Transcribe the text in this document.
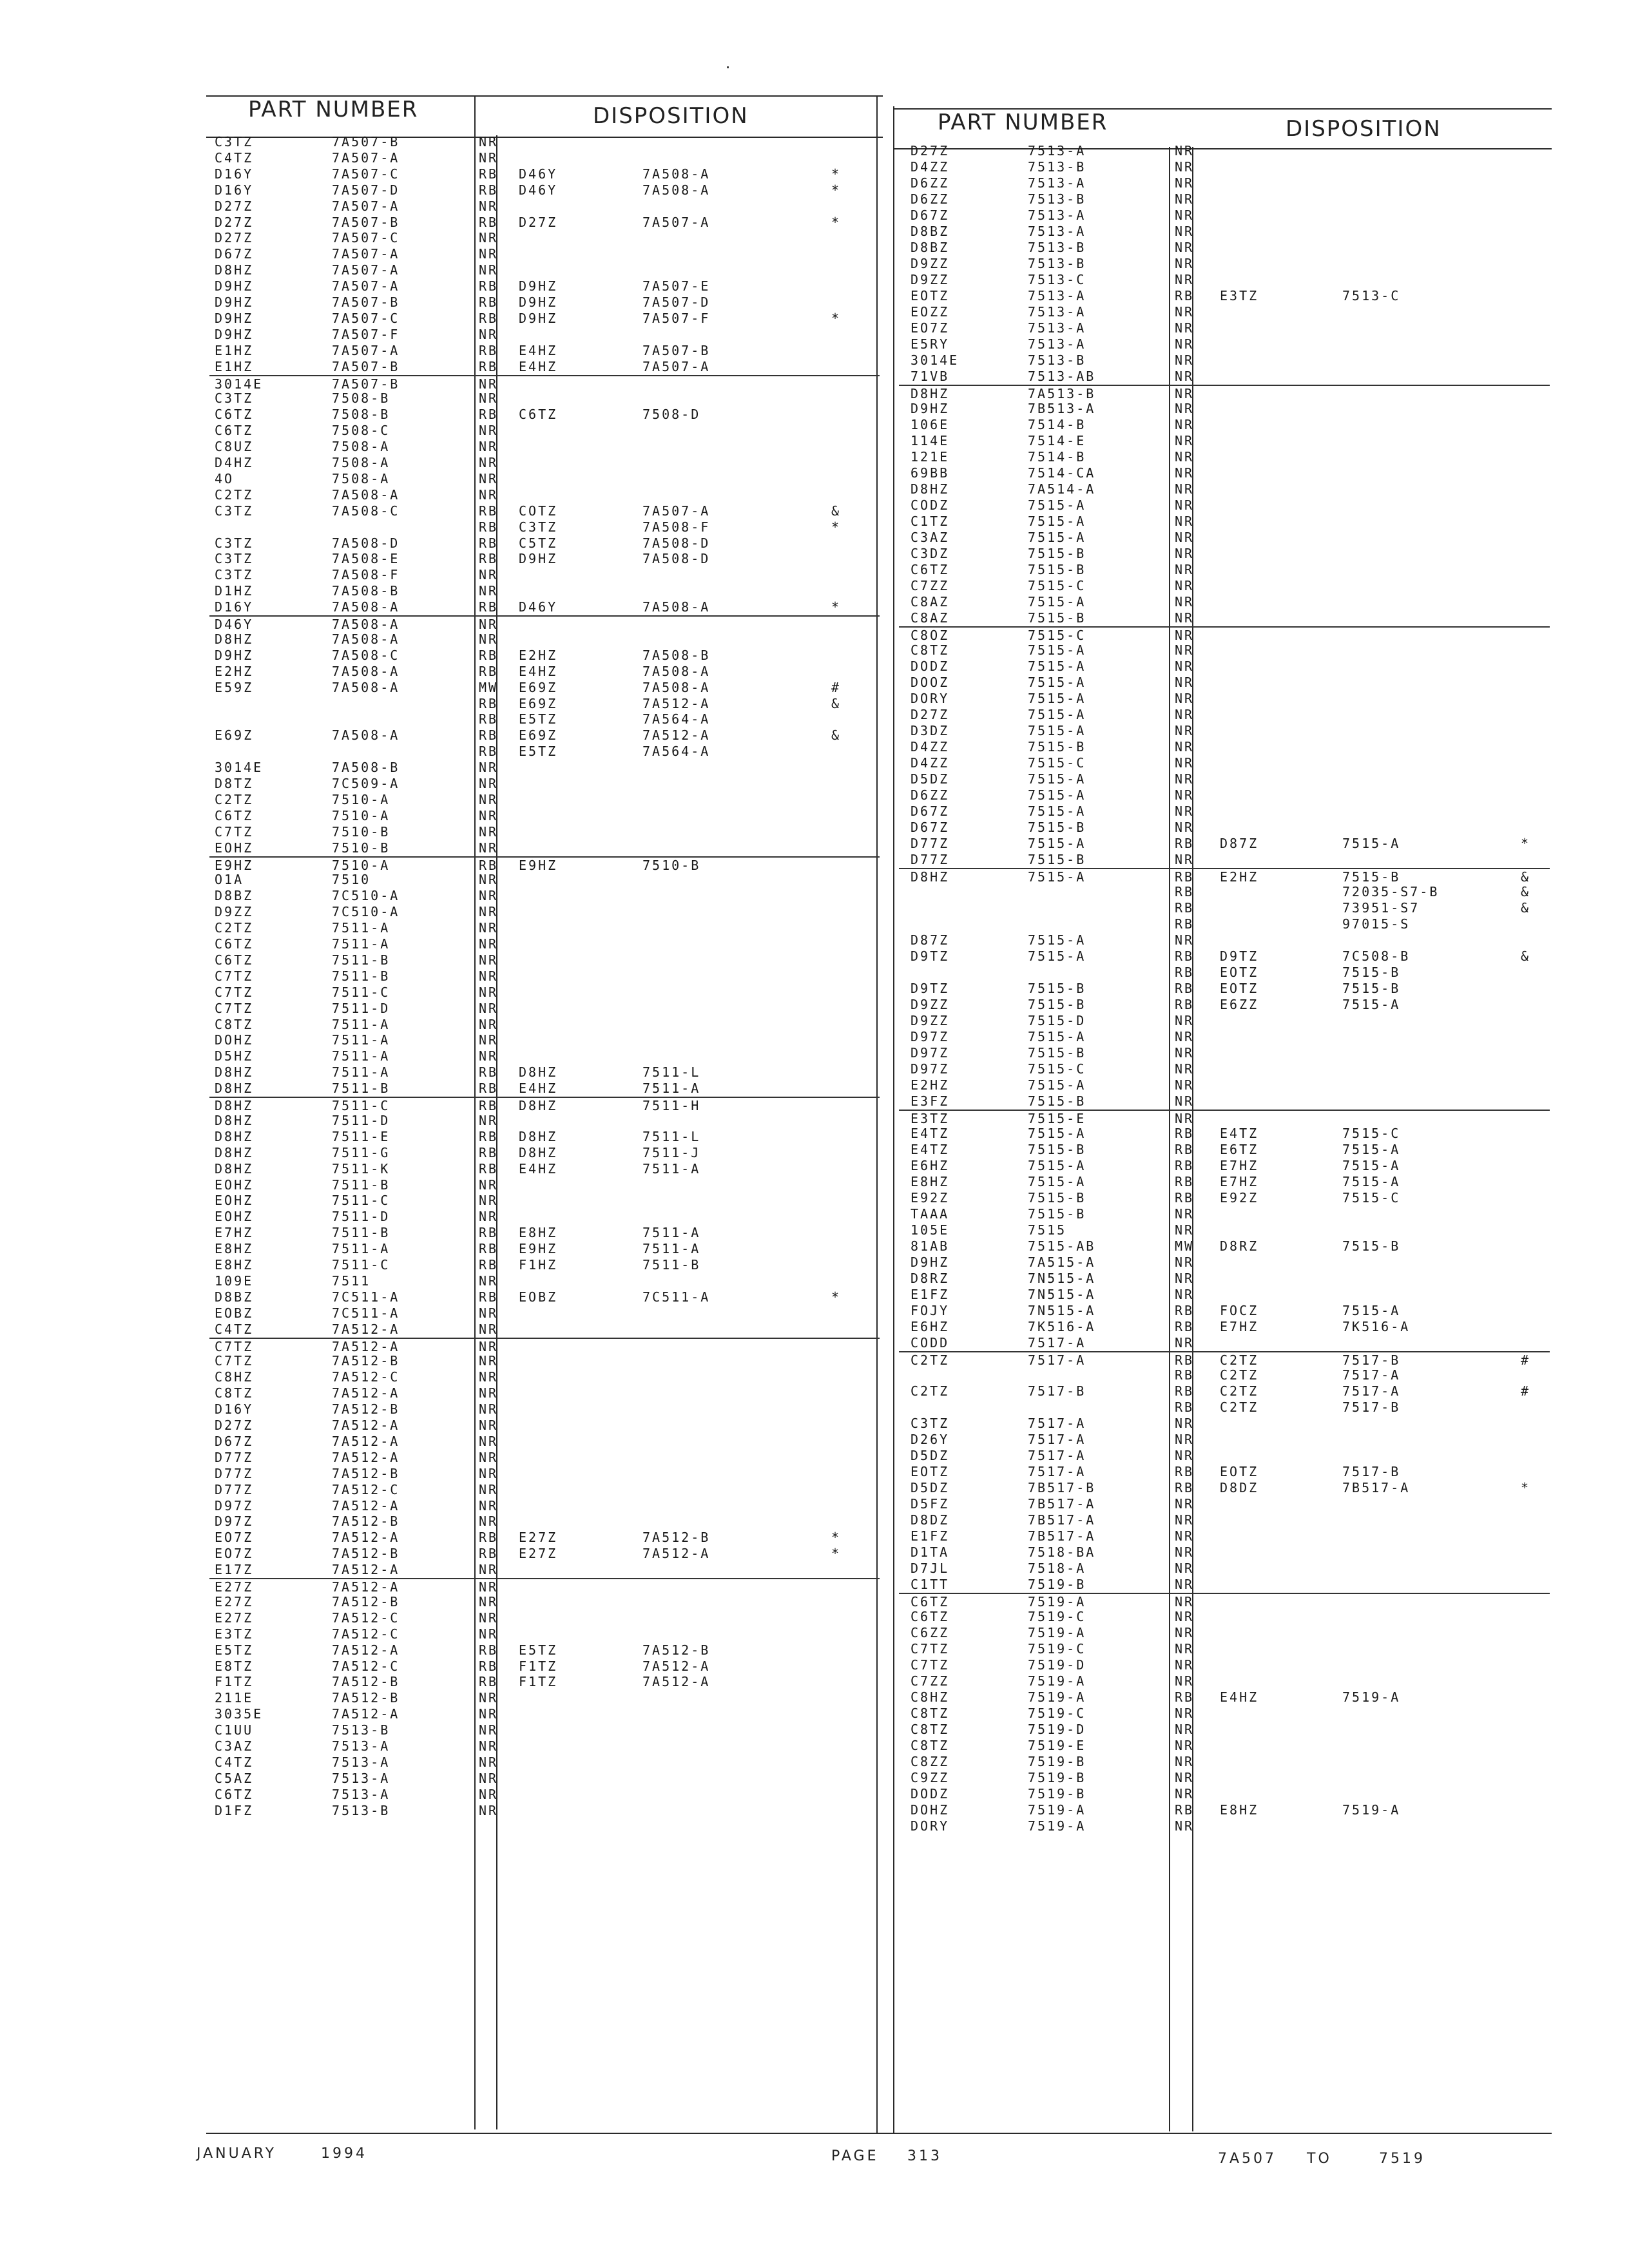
PART NUMBER	DISPOSITION	PART NUMBER	DISPOSITION
C3TZ	7A507-B	NR
C4TZ	7A507-A	NR
D16Y	7A507-C	RB D46Y	7A508-A	*
D16Y	7A507-D	RB D46Y	7A508-A	*
D27Z	7A507-A	NR
D27Z	7A507-B	RB D27Z	7A507-A	*
D27Z	7A507-C	NR
D67Z	7A507-A	NR
D8HZ	7A507-A	NR
D9HZ	7A507-A	RB D9HZ	7A507-E
D9HZ	7A507-B	RB D9HZ	7A507-D
D9HZ	7A507-C	RB D9HZ	7A507-F	*
D9HZ	7A507-F	NR
E1HZ	7A507-A	RB E4HZ	7A507-B
E1HZ	7A507-B	RB E4HZ	7A507-A
3014E	7A507-B	NR
C3TZ	7508-B	NR
C6TZ	7508-B	RB C6TZ	7508-D
C6TZ	7508-C	NR
C8UZ	7508-A	NR
D4HZ	7508-A	NR
4O	7508-A	NR
C2TZ	7A508-A	NR
C3TZ	7A508-C	RB COTZ	7A507-A	&
RB C3TZ	7A508-F	*
C3TZ	7A508-D	RB C5TZ	7A508-D
C3TZ	7A508-E	RB D9HZ	7A508-D
C3TZ	7A508-F	NR
D1HZ	7A508-B	NR
D16Y	7A508-A	RB D46Y	7A508-A	*
D46Y	7A508-A	NR
D8HZ	7A508-A	NR
D9HZ	7A508-C	RB E2HZ	7A508-B
E2HZ	7A508-A	RB E4HZ	7A508-A
E59Z	7A508-A	MW E69Z	7A508-A	#
RB E69Z	7A512-A	&
RB E5TZ	7A564-A
E69Z	7A508-A	RB E69Z	7A512-A	&
RB E5TZ	7A564-A
3014E	7A508-B	NR
D8TZ	7C509-A	NR
C2TZ	7510-A	NR
C6TZ	7510-A	NR
C7TZ	7510-B	NR
EOHZ	7510-B	NR
E9HZ	7510-A	RB E9HZ	7510-B
O1A	7510	NR
D8BZ	7C510-A	NR
D9ZZ	7C510-A	NR
C2TZ	7511-A	NR
C6TZ	7511-A	NR
C6TZ	7511-B	NR
C7TZ	7511-B	NR
C7TZ	7511-C	NR
C7TZ	7511-D	NR
C8TZ	7511-A	NR
DOHZ	7511-A	NR
D5HZ	7511-A	NR
D8HZ	7511-A	RB D8HZ	7511-L
D8HZ	7511-B	RB E4HZ	7511-A
D8HZ	7511-C	RB D8HZ	7511-H
D8HZ	7511-D	NR
D8HZ	7511-E	RB D8HZ	7511-L
D8HZ	7511-G	RB D8HZ	7511-J
D8HZ	7511-K	RB E4HZ	7511-A
EOHZ	7511-B	NR
EOHZ	7511-C	NR
EOHZ	7511-D	NR
E7HZ	7511-B	RB E8HZ	7511-A
E8HZ	7511-A	RB E9HZ	7511-A
E8HZ	7511-C	RB F1HZ	7511-B
109E	7511	NR
D8BZ	7C511-A	RB EOBZ	7C511-A	*
EOBZ	7C511-A	NR
C4TZ	7A512-A	NR
C7TZ	7A512-A	NR
C7TZ	7A512-B	NR
C8HZ	7A512-C	NR
C8TZ	7A512-A	NR
D16Y	7A512-B	NR
D27Z	7A512-A	NR
D67Z	7A512-A	NR
D77Z	7A512-A	NR
D77Z	7A512-B	NR
D77Z	7A512-C	NR
D97Z	7A512-A	NR
D97Z	7A512-B	NR
EO7Z	7A512-A	RB E27Z	7A512-B	*
EO7Z	7A512-B	RB E27Z	7A512-A	*
E17Z	7A512-A	NR
E27Z	7A512-A	NR
E27Z	7A512-B	NR
E27Z	7A512-C	NR
E3TZ	7A512-C	NR
E5TZ	7A512-A	RB E5TZ	7A512-B
E8TZ	7A512-C	RB F1TZ	7A512-A
F1TZ	7A512-B	RB F1TZ	7A512-A
211E	7A512-B	NR
3035E	7A512-A	NR
C1UU	7513-B	NR
C3AZ	7513-A	NR
C4TZ	7513-A	NR
C5AZ	7513-A	NR
C6TZ	7513-A	NR
D1FZ	7513-B	NR
D27Z	7513-A	NR
D4ZZ	7513-B	NR
D6ZZ	7513-A	NR
D6ZZ	7513-B	NR
D67Z	7513-A	NR
D8BZ	7513-A	NR
D8BZ	7513-B	NR
D9ZZ	7513-B	NR
D9ZZ	7513-C	NR
EOTZ	7513-A	RB E3TZ	7513-C
EOZZ	7513-A	NR
EO7Z	7513-A	NR
E5RY	7513-A	NR
3014E	7513-B	NR
71VB	7513-AB	NR
D8HZ	7A513-B	NR
D9HZ	7B513-A	NR
106E	7514-B	NR
114E	7514-E	NR
121E	7514-B	NR
69BB	7514-CA	NR
D8HZ	7A514-A	NR
CODZ	7515-A	NR
C1TZ	7515-A	NR
C3AZ	7515-A	NR
C3DZ	7515-B	NR
C6TZ	7515-B	NR
C7ZZ	7515-C	NR
C8AZ	7515-A	NR
C8AZ	7515-B	NR
C8OZ	7515-C	NR
C8TZ	7515-A	NR
DODZ	7515-A	NR
DOOZ	7515-A	NR
DORY	7515-A	NR
D27Z	7515-A	NR
D3DZ	7515-A	NR
D4ZZ	7515-B	NR
D4ZZ	7515-C	NR
D5DZ	7515-A	NR
D6ZZ	7515-A	NR
D67Z	7515-A	NR
D67Z	7515-B	NR
D77Z	7515-A	RB D87Z	7515-A	*
D77Z	7515-B	NR
D8HZ	7515-A	RB E2HZ	7515-B	&
RB	72035-S7-B	&
RB	73951-S7	&
RB	97015-S
D87Z	7515-A	NR
D9TZ	7515-A	RB D9TZ	7C508-B	&
RB EOTZ	7515-B
D9TZ	7515-B	RB EOTZ	7515-B
D9ZZ	7515-B	RB E6ZZ	7515-A
D9ZZ	7515-D	NR
D97Z	7515-A	NR
D97Z	7515-B	NR
D97Z	7515-C	NR
E2HZ	7515-A	NR
E3FZ	7515-B	NR
E3TZ	7515-E	NR
E4TZ	7515-A	RB E4TZ	7515-C
E4TZ	7515-B	RB E6TZ	7515-A
E6HZ	7515-A	RB E7HZ	7515-A
E8HZ	7515-A	RB E7HZ	7515-A
E92Z	7515-B	RB E92Z	7515-C
TAAA	7515-B	NR
105E	7515	NR
81AB	7515-AB	MW D8RZ	7515-B
D9HZ	7A515-A	NR
D8RZ	7N515-A	NR
E1FZ	7N515-A	NR
FOJY	7N515-A	RB FOCZ	7515-A
E6HZ	7K516-A	RB E7HZ	7K516-A
CODD	7517-A	NR
C2TZ	7517-A	RB C2TZ	7517-B	#
RB C2TZ	7517-A
C2TZ	7517-B	RB C2TZ	7517-A	#
RB C2TZ	7517-B
C3TZ	7517-A	NR
D26Y	7517-A	NR
D5DZ	7517-A	NR
EOTZ	7517-A	RB EOTZ	7517-B
D5DZ	7B517-B	RB D8DZ	7B517-A	*
D5FZ	7B517-A	NR
D8DZ	7B517-A	NR
E1FZ	7B517-A	NR
D1TA	7518-BA	NR
D7JL	7518-A	NR
C1TT	7519-B	NR
C6TZ	7519-A	NR
C6TZ	7519-C	NR
C6ZZ	7519-A	NR
C7TZ	7519-C	NR
C7TZ	7519-D	NR
C7ZZ	7519-A	NR
C8HZ	7519-A	RB E4HZ	7519-A
C8TZ	7519-C	NR
C8TZ	7519-D	NR
C8TZ	7519-E	NR
C8ZZ	7519-B	NR
C9ZZ	7519-B	NR
DODZ	7519-B	NR
DOHZ	7519-A	RB E8HZ	7519-A
DORY	7519-A	NR
JANUARY	1994	PAGE 313	7A507 TO	7519
